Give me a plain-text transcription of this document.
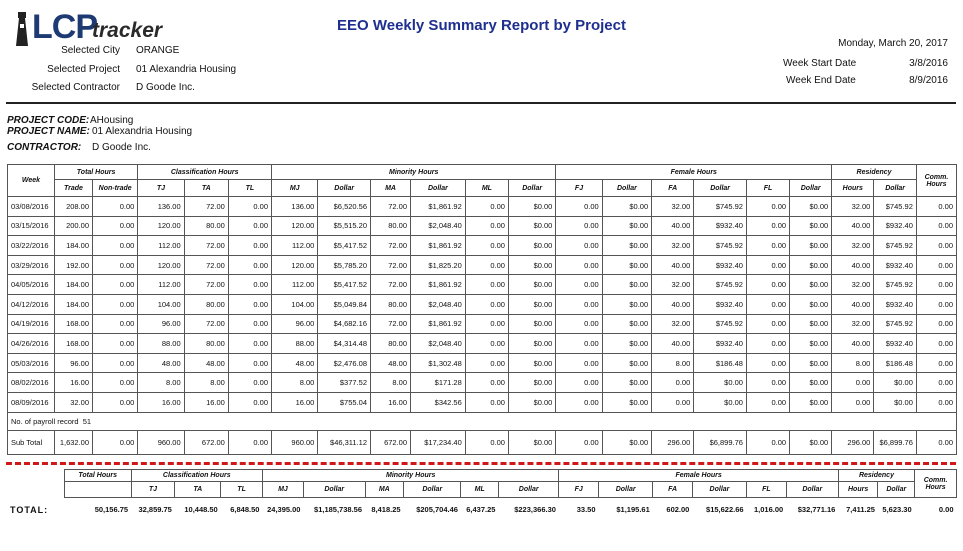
LCP
tracker	EEO Weekly Summary Report by Project
Monday, March 20, 2017
Selected City ORANGE
Selected Project 01 Alexandria Housing
Selected Contractor D Goode Inc.
Week Start Date	3/8/2016
Week End Date	8/9/2016
PROJECT CODE: AHousing
PROJECT NAME: 01 Alexandria Housing
CONTRACTOR: D Goode Inc.
Week	Total Hours		Classification Hours			Minority Hours						Female Hours						Residency		Comm. Hours
	Trade	Non-trade	TJ	TA	TL	MJ	Dollar	MA	Dollar	ML	Dollar	FJ	Dollar	FA	Dollar	FL	Dollar	Hours	Dollar	
03/08/2016	208.00	0.00	136.00	72.00	0.00	136.00	$6,520.56	72.00	$1,861.92	0.00	$0.00	0.00	$0.00	32.00	$745.92	0.00	$0.00	32.00	$745.92	0.00
03/15/2016	200.00	0.00	120.00	80.00	0.00	120.00	$5,515.20	80.00	$2,048.40	0.00	$0.00	0.00	$0.00	40.00	$932.40	0.00	$0.00	40.00	$932.40	0.00
03/22/2016	184.00	0.00	112.00	72.00	0.00	112.00	$5,417.52	72.00	$1,861.92	0.00	$0.00	0.00	$0.00	32.00	$745.92	0.00	$0.00	32.00	$745.92	0.00
03/29/2016	192.00	0.00	120.00	72.00	0.00	120.00	$5,785.20	72.00	$1,825.20	0.00	$0.00	0.00	$0.00	40.00	$932.40	0.00	$0.00	40.00	$932.40	0.00
04/05/2016	184.00	0.00	112.00	72.00	0.00	112.00	$5,417.52	72.00	$1,861.92	0.00	$0.00	0.00	$0.00	32.00	$745.92	0.00	$0.00	32.00	$745.92	0.00
04/12/2016	184.00	0.00	104.00	80.00	0.00	104.00	$5,049.84	80.00	$2,048.40	0.00	$0.00	0.00	$0.00	40.00	$932.40	0.00	$0.00	40.00	$932.40	0.00
04/19/2016	168.00	0.00	96.00	72.00	0.00	96.00	$4,682.16	72.00	$1,861.92	0.00	$0.00	0.00	$0.00	32.00	$745.92	0.00	$0.00	32.00	$745.92	0.00
04/26/2016	168.00	0.00	88.00	80.00	0.00	88.00	$4,314.48	80.00	$2,048.40	0.00	$0.00	0.00	$0.00	40.00	$932.40	0.00	$0.00	40.00	$932.40	0.00
05/03/2016	96.00	0.00	48.00	48.00	0.00	48.00	$2,476.08	48.00	$1,302.48	0.00	$0.00	0.00	$0.00	8.00	$186.48	0.00	$0.00	8.00	$186.48	0.00
08/02/2016	16.00	0.00	8.00	8.00	0.00	8.00	$377.52	8.00	$171.28	0.00	$0.00	0.00	$0.00	0.00	$0.00	0.00	$0.00	0.00	$0.00	0.00
08/09/2016	32.00	0.00	16.00	16.00	0.00	16.00	$755.04	16.00	$342.56	0.00	$0.00	0.00	$0.00	0.00	$0.00	0.00	$0.00	0.00	$0.00	0.00
No. of payroll record 51																				
Sub Total	1,632.00	0.00	960.00	672.00	0.00	960.00	$46,311.12	672.00	$17,234.40	0.00	$0.00	0.00	$0.00	296.00	$6,899.76	0.00	$0.00	296.00	$6,899.76	0.00
	Total Hours	Classification Hours			Minority Hours						Female Hours						Residency		Comm. Hours
		TJ	TA	TL	MJ	Dollar	MA	Dollar	ML	Dollar	FJ	Dollar	FA	Dollar	FL	Dollar	Hours	Dollar	
TOTAL:	50,156.75	32,859.75	10,448.50	6,848.50	24,395.00	$1,185,738.56	8,418.25	$205,704.46	6,437.25	$223,366.30	33.50	$1,195.61	602.00	$15,622.66	1,016.00	$32,771.16	7,411.25	5,623.30	0.00
